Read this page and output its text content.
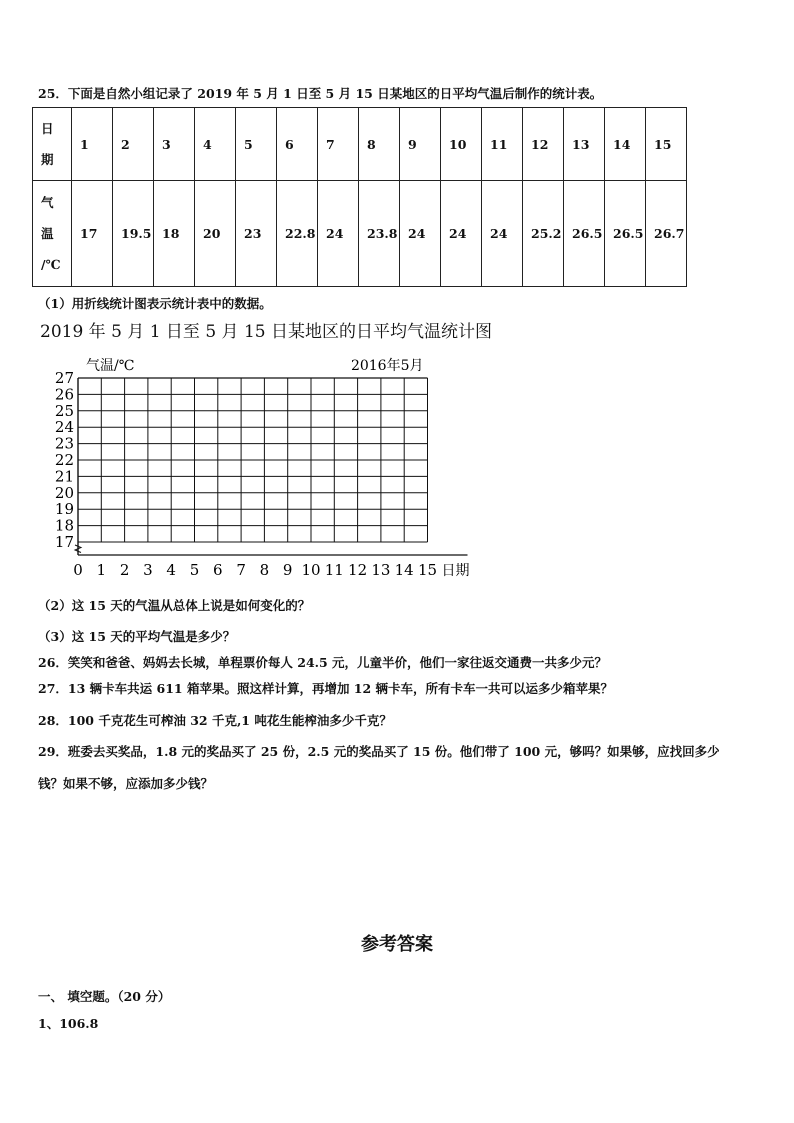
25．下面是自然小组记录了 2019 年 5 月 1 日至 5 月 15 日某地区的日平均气温后制作的统计表。
日
期	1	2	3	4	5	6	7	8	9	10	11	12	13	14	15

气
温
/℃	17	19.5	18	20	23	22.8	24	23.8	24	24	24	25.2	26.5	26.5	26.7
（1）用折线统计图表示统计表中的数据。
2019 年 5 月 1 日至 5 月 15 日某地区的日平均气温统计图
17
18
19
20
21
22
23
24
25
26
27
0 1 2 3 4 5 6 7 8 9 10 11 12 13 14 15
气温/℃	2016年5月
日期
（2）这 15 天的气温从总体上说是如何变化的？
（3）这 15 天的平均气温是多少？
26．笑笑和爸爸、妈妈去长城，单程票价每人 24.5 元，儿童半价，他们一家往返交通费一共多少元？
27．13 辆卡车共运 611 箱苹果。照这样计算，再增加 12 辆卡车，所有卡车一共可以运多少箱苹果？
28．100 千克花生可榨油 32 千克,1 吨花生能榨油多少千克？
29．班委去买奖品，1.8 元的奖品买了 25 份，2.5 元的奖品买了 15 份。他们带了 100 元，够吗？如果够，应找回多少
钱？如果不够，应添加多少钱？
参考答案
一、 填空题。（20 分）
1、106.8
